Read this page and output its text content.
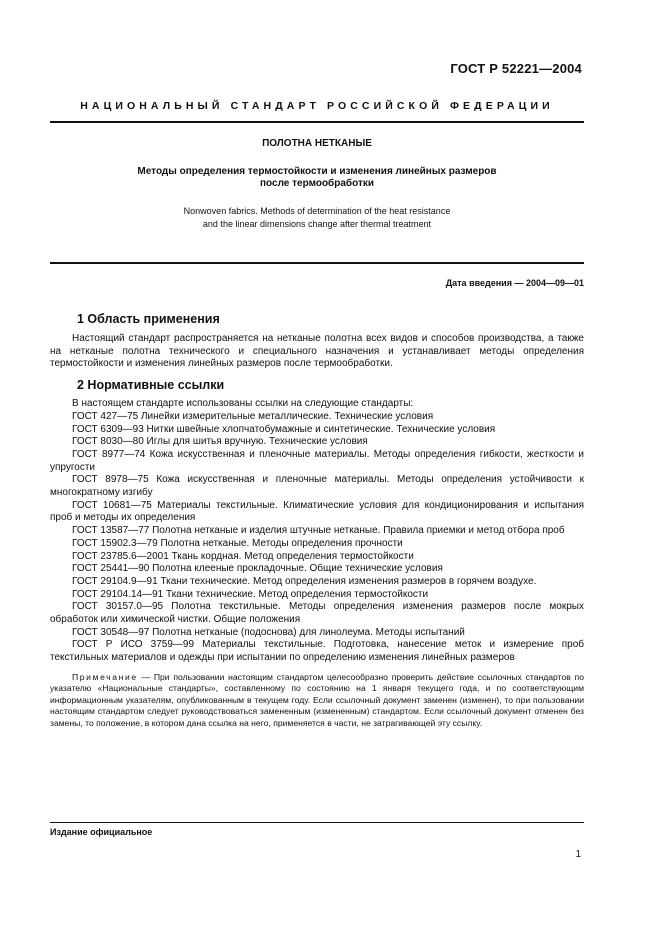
ГОСТ Р 52221—2004
НАЦИОНАЛЬНЫЙ СТАНДАРТ РОССИЙСКОЙ ФЕДЕРАЦИИ
ПОЛОТНА НЕТКАНЫЕ
Методы определения термостойкости и изменения линейных размеров
после термообработки
Nonwoven fabrics. Methods of determination of the heat resistance
and the linear dimensions change after thermal treatment
Дата введения — 2004—09—01
1 Область применения

Настоящий стандарт распространяется на нетканые полотна всех видов и способов производства, а также на нетканые полотна технического и специального назначения и устанавливает методы определения термостойкости и изменения линейных размеров после термообработки.

2 Нормативные ссылки

В настоящем стандарте использованы ссылки на следующие стандарты:

ГОСТ 427—75 Линейки измерительные металлические. Технические условия

ГОСТ 6309—93 Нитки швейные хлопчатобумажные и синтетические. Технические условия

ГОСТ 8030—80 Иглы для шитья вручную. Технические условия

ГОСТ 8977—74 Кожа искусственная и пленочные материалы. Методы определения гибкости, жесткости и упругости

ГОСТ 8978—75 Кожа искусственная и пленочные материалы. Методы определения устойчивости к многократному изгибу

ГОСТ 10681—75 Материалы текстильные. Климатические условия для кондиционирования и испытания проб и методы их определения

ГОСТ 13587—77 Полотна нетканые и изделия штучные нетканые. Правила приемки и метод отбора проб

ГОСТ 15902.3—79 Полотна нетканые. Методы определения прочности

ГОСТ 23785.6—2001 Ткань кордная. Метод определения термостойкости

ГОСТ 25441—90 Полотна клееные прокладочные. Общие технические условия

ГОСТ 29104.9—91 Ткани технические. Метод определения изменения размеров в горячем воздухе.

ГОСТ 29104.14—91 Ткани технические. Метод определения термостойкости

ГОСТ 30157.0—95 Полотна текстильные. Методы определения изменения размеров после мокрых обработок или химической чистки. Общие положения

ГОСТ 30548—97 Полотна нетканые (подоснова) для линолеума. Методы испытаний

ГОСТ Р ИСО 3759—99 Материалы текстильные. Подготовка, нанесение меток и измерение проб текстильных материалов и одежды при испытании по определению изменения линейных размеров

Примечание — При пользовании настоящим стандартом целесообразно проверить действие ссылочных стандартов по указателю «Национальные стандарты», составленному по состоянию на 1 января текущего года, и по соответствующим информационным указателям, опубликованным в текущем году. Если ссылочный документ заменен (изменен), то при пользовании настоящим стандартом следует руководствоваться замененным (измененным) стандартом. Если ссылочный документ отменен без замены, то положение, в котором дана ссылка на него, применяется в части, не затрагивающей эту ссылку.
Издание официальное
1
